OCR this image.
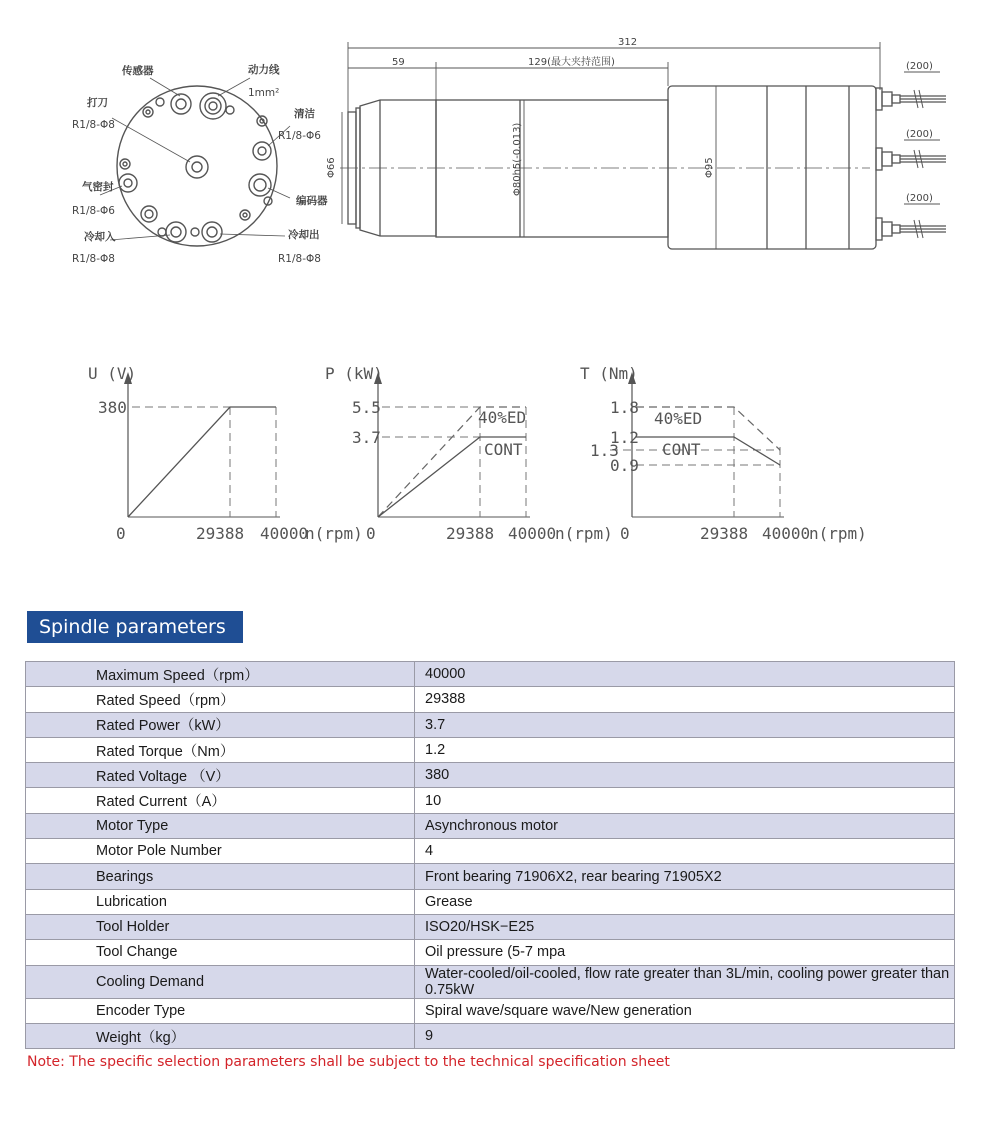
传感器	动力线
1mm²
打刀
R1/8-Φ8
清洁
R1/8-Φ6
气密封
R1/8-Φ6
编码器
冷却入
R1/8-Φ8
冷却出
R1/8-Φ8
312
59	129(最大夹持范围)
Φ66	Φ80h5(-0.013)	Φ95
(200)
(200)
(200)
U (V)
380
0	29388 40000
n(rpm)
P (kW)
5.5
3.7
40%ED
CONT
0	29388 40000
n(rpm)
T (Nm)
1.8
1.2
1.3
0.9
40%ED
CONT
0	29388 40000
n(rpm)
Spindle parameters
Maximum Speed（rpm）	40000
Rated Speed（rpm）	29388
Rated Power（kW）	3.7
Rated Torque（Nm）	1.2
Rated Voltage （V）	380
Rated Current（A）	10
Motor Type	Asynchronous motor
Motor Pole Number	4
Bearings	Front bearing 71906X2, rear bearing 71905X2
Lubrication	Grease
Tool Holder	ISO20/HSK−E25
Tool Change	Oil pressure (5-7 mpa
Cooling Demand	Water-cooled/oil-cooled, flow rate greater than 3L/min, cooling power greater than 0.75kW
Encoder Type	Spiral wave/square wave/New generation
Weight（kg）	9
Note: The specific selection parameters shall be subject to the technical specification sheet
